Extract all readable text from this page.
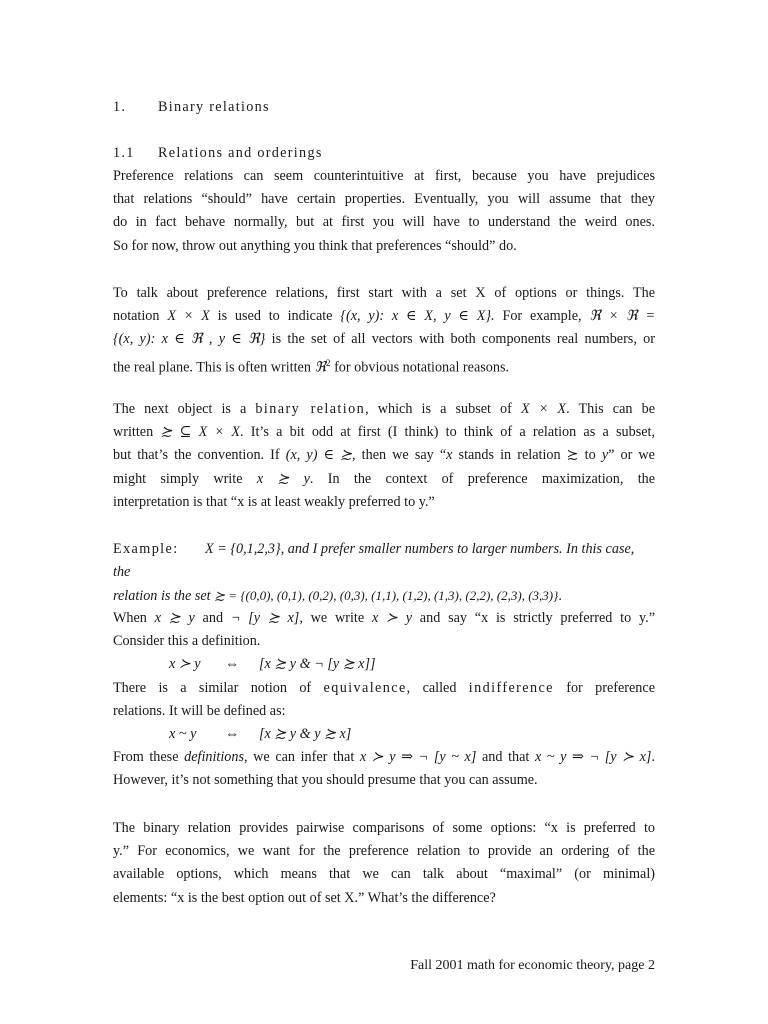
1. Binary relations
1.1 Relations and orderings
Preference relations can seem counterintuitive at first, because you have prejudices
that relations “should” have certain properties. Eventually, you will assume that they
do in fact behave normally, but at first you will have to understand the weird ones.
So for now, throw out anything you think that preferences “should” do.
To talk about preference relations, first start with a set X of options or things. The
notation X × X is used to indicate {(x, y): x ∈ X, y ∈ X}. For example, ℜ × ℜ =
{(x, y): x ∈ ℜ , y ∈ ℜ} is the set of all vectors with both components real numbers, or
the real plane. This is often written ℜ$^2$ for obvious notational reasons.
The next object is a binary relation, which is a subset of X × X. This can be
written ≿ ⊆ X × X. It’s a bit odd at first (I think) to think of a relation as a subset,
but that’s the convention. If (x, y) ∈ ≿, then we say “x stands in relation ≿ to y” or we
might simply write x ≿ y. In the context of preference maximization, the
interpretation is that “x is at least weakly preferred to y.”
Example: X = {0,1,2,3}, and I prefer smaller numbers to larger numbers. In this case, the
relation is the set ≿ = {(0,0), (0,1), (0,2), (0,3), (1,1), (1,2), (1,3), (2,2), (2,3), (3,3)}.
When x ≿ y and ¬ [y ≿ x], we write x ≻ y and say “x is strictly preferred to y.”
Consider this a definition.
x ≻ y ⇔ [x ≿ y & ¬ [y ≿ x]]
There is a similar notion of equivalence, called indifference for preference
relations. It will be defined as:
x ~ y ⇔ [x ≿ y & y ≿ x]
From these definitions, we can infer that x ≻ y ⇒ ¬ [y ~ x] and that x ~ y ⇒ ¬ [y ≻ x].
However, it’s not something that you should presume that you can assume.
The binary relation provides pairwise comparisons of some options: “x is preferred to
y.” For economics, we want for the preference relation to provide an ordering of the
available options, which means that we can talk about “maximal” (or minimal)
elements: “x is the best option out of set X.” What’s the difference?
Fall 2001 math for economic theory, page 2
